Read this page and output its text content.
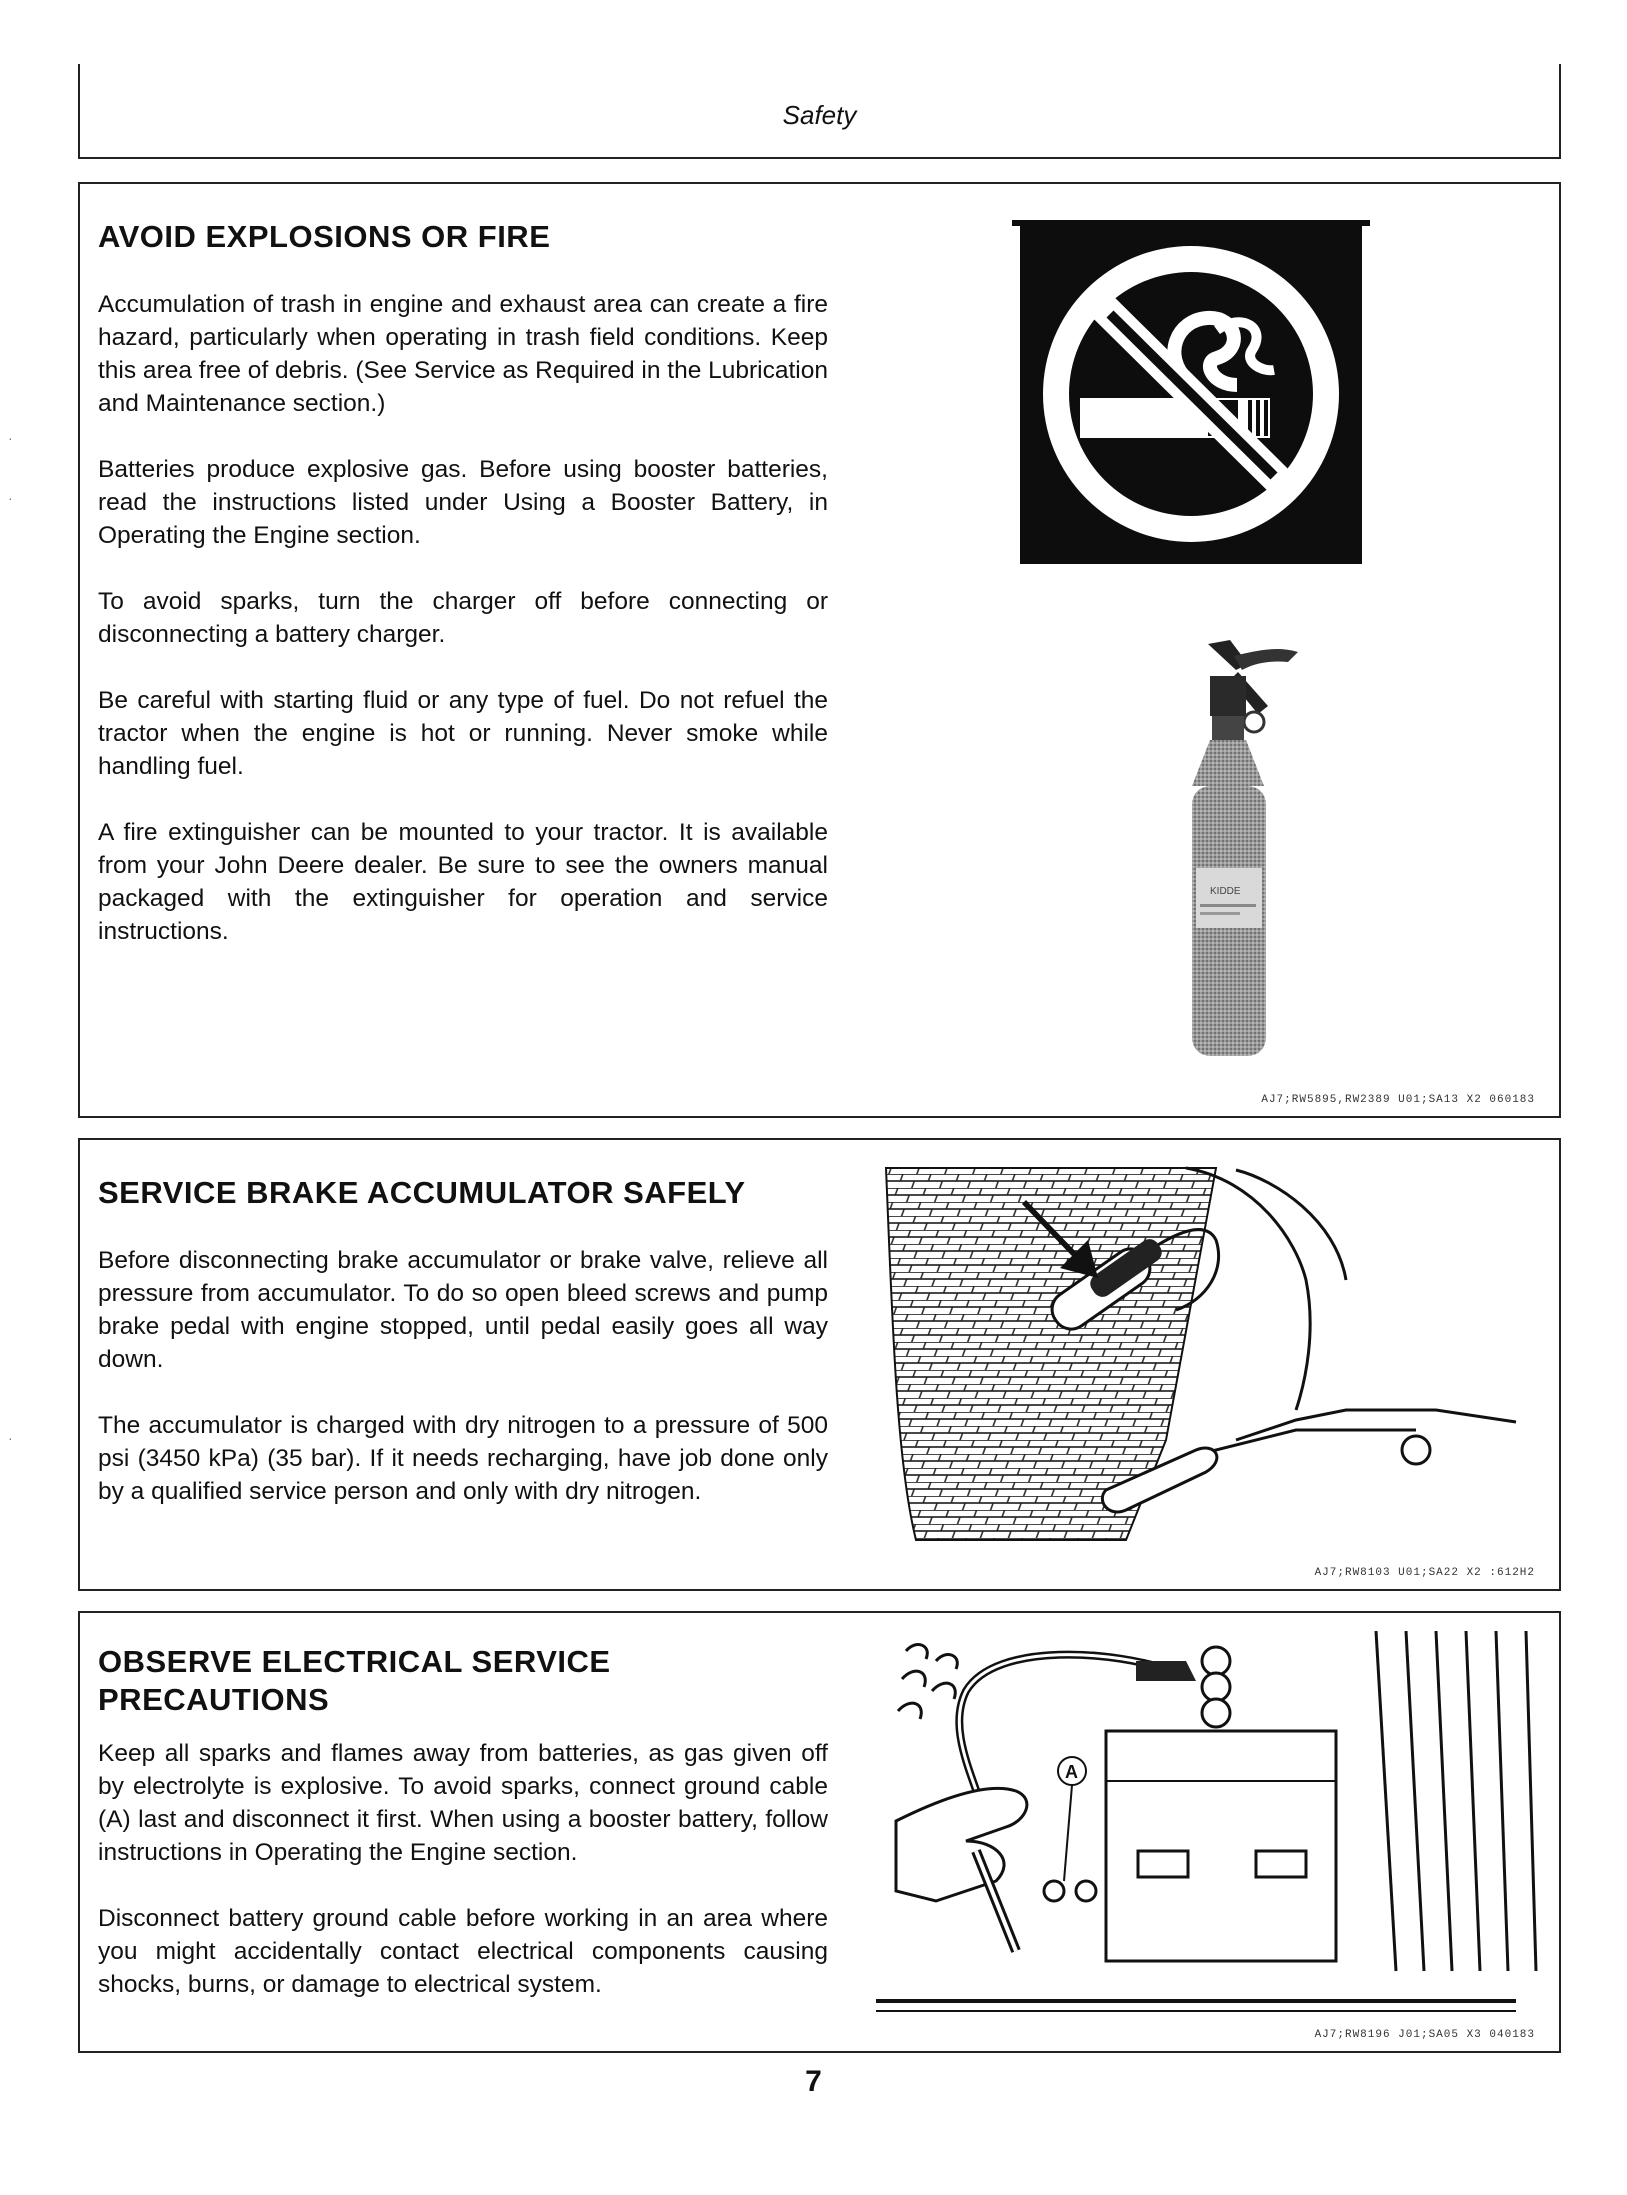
Safety
·
·
·
AVOID EXPLOSIONS OR FIRE

Accumulation of trash in engine and exhaust area can create a fire hazard, particularly when operating in trash field conditions. Keep this area free of debris. (See Service as Required in the Lubrication and Maintenance section.)

Batteries produce explosive gas. Before using booster batteries, read the instructions listed under Using a Booster Battery, in Operating the Engine section.

To avoid sparks, turn the charger off before connecting or disconnecting a battery charger.

Be careful with starting fluid or any type of fuel. Do not refuel the tractor when the engine is hot or running. Never smoke while handling fuel.

A fire extinguisher can be mounted to your tractor. It is available from your John Deere dealer. Be sure to see the owners manual packaged with the extinguisher for operation and service instructions.

KIDDE
AJ7;RW5895,RW2389 U01;SA13 X2 060183
SERVICE BRAKE ACCUMULATOR SAFELY

Before disconnecting brake accumulator or brake valve, relieve all pressure from accumulator. To do so open bleed screws and pump brake pedal with engine stopped, until pedal easily goes all way down.

The accumulator is charged with dry nitrogen to a pressure of 500 psi (3450 kPa) (35 bar). If it needs recharging, have job done only by a qualified service person and only with dry nitrogen.

AJ7;RW8103 U01;SA22 X2 :612H2
OBSERVE ELECTRICAL SERVICE PRECAUTIONS

Keep all sparks and flames away from batteries, as gas given off by electrolyte is explosive. To avoid sparks, connect ground cable (A) last and disconnect it first. When using a booster battery, follow instructions in Operating the Engine section.

Disconnect battery ground cable before working in an area where you might accidentally contact electrical components causing shocks, burns, or damage to electrical system.

A
AJ7;RW8196 J01;SA05 X3 040183
7
